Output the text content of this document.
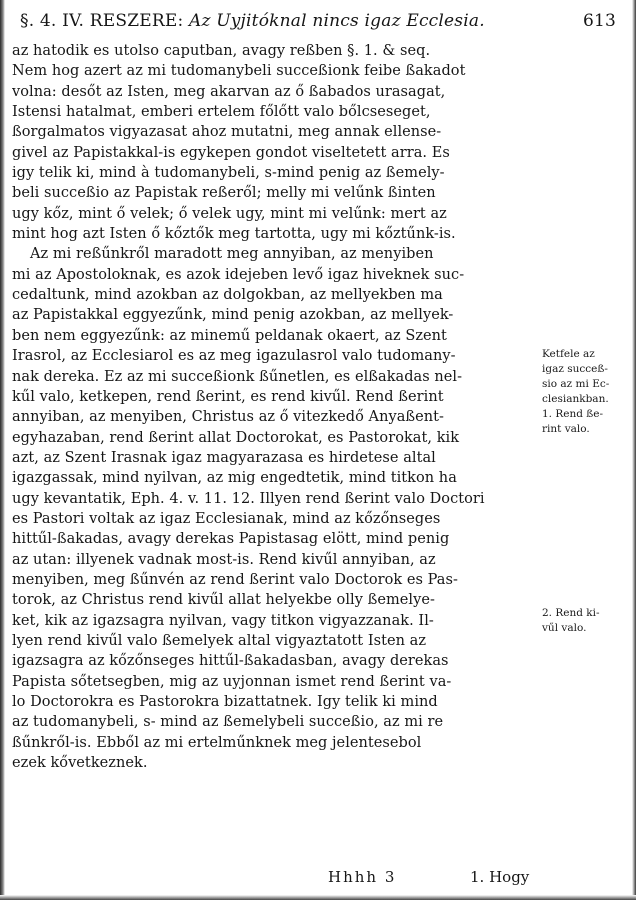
§. 4. IV. RESZERE: Az Uyjitóknal nincs igaz Ecclesia.	613
az hatodik es utolso caputban, avagy reßben §. 1. & seq.
Nem hog azert az mi tudomanybeli succeßionk feibe ßakadot
volna: desőt az Isten, meg akarvan az ő ßabados urasagat,
Istensi hatalmat, emberi ertelem főlőtt valo bőlcseseget,
ßorgalmatos vigyazasat ahoz mutatni, meg annak ellense-
givel az Papistakkal-is egykepen gondot viseltetett arra. Es
igy telik ki, mind à tudomanybeli, s-mind penig az ßemely-
beli succeßio az Papistak reßeről; melly mi velűnk ßinten
ugy kőz, mint ő velek; ő velek ugy, mint mi velűnk: mert az
mint hog azt Isten ő kőztők meg tartotta, ugy mi kőztűnk-is.
Az mi reßűnkről maradott meg annyiban, az menyiben
mi az Apostoloknak, es azok idejeben levő igaz hiveknek suc-
cedaltunk, mind azokban az dolgokban, az mellyekben ma
az Papistakkal eggyezűnk, mind penig azokban, az mellyek-
ben nem eggyezűnk: az minemű peldanak okaert, az Szent
Irasrol, az Ecclesiarol es az meg igazulasrol valo tudomany-
nak dereka. Ez az mi succeßionk ßűnetlen, es elßakadas nel-
kűl valo, ketkepen, rend ßerint, es rend kivűl. Rend ßerint
annyiban, az menyiben, Christus az ő vitezkedő Anyaßent-
egyhazaban, rend ßerint allat Doctorokat, es Pastorokat, kik
azt, az Szent Irasnak igaz magyarazasa es hirdetese altal
igazgassak, mind nyilvan, az mig engedtetik, mind titkon ha
ugy kevantatik, Eph. 4. v. 11. 12. Illyen rend ßerint valo Doctori
es Pastori voltak az igaz Ecclesianak, mind az kőzőnseges
hittűl-ßakadas, avagy derekas Papistasag elött, mind penig
az utan: illyenek vadnak most-is. Rend kivűl annyiban, az
menyiben, meg ßűnvén az rend ßerint valo Doctorok es Pas-
torok, az Christus rend kivűl allat helyekbe olly ßemelye-
ket, kik az igazsagra nyilvan, vagy titkon vigyazzanak. Il-
lyen rend kivűl valo ßemelyek altal vigyaztatott Isten az
igazsagra az kőzőnseges hittűl-ßakadasban, avagy derekas
Papista sőtetsegben, mig az uyjonnan ismet rend ßerint va-
lo Doctorokra es Pastorokra bizattatnek. Igy telik ki mind
az tudomanybeli, s- mind az ßemelybeli succeßio, az mi re
ßűnkről-is. Ebből az mi ertelműnknek meg jelentesebol
ezek kővetkeznek.
Ketfele az
igaz succeß-
sio az mi Ec-
clesiankban.
1. Rend ße-
rint valo.
2. Rend ki-
vűl valo.
Hhhh 3	1. Hogy
